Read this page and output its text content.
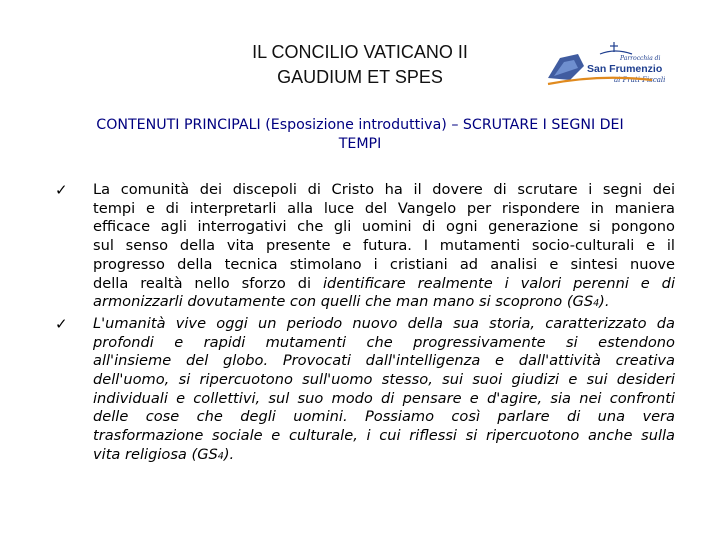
IL CONCILIO VATICANO II
GAUDIUM ET SPES
Parrocchia di
San Frumenzio
ai Prati Fiscali
CONTENUTI PRINCIPALI (Esposizione introduttiva) – SCRUTARE I SEGNI DEI
TEMPI
✓ La comunità dei discepoli di Cristo ha il dovere di scrutare i segni dei
tempi e di interpretarli alla luce del Vangelo per rispondere in maniera
efficace agli interrogativi che gli uomini di ogni generazione si pongono
sul senso della vita presente e futura. I mutamenti socio-culturali e il
progresso della tecnica stimolano i cristiani ad analisi e sintesi nuove
della realtà nello sforzo di identificare realmente i valori perenni e di
armonizzarli dovutamente con quelli che man mano si scoprono (GS4).
✓ L'umanità vive oggi un periodo nuovo della sua storia, caratterizzato da
profondi e rapidi mutamenti che progressivamente si estendono
all'insieme del globo. Provocati dall'intelligenza e dall'attività creativa
dell'uomo, si ripercuotono sull'uomo stesso, sui suoi giudizi e sui desideri
individuali e collettivi, sul suo modo di pensare e d'agire, sia nei confronti
delle cose che degli uomini. Possiamo così parlare di una vera
trasformazione sociale e culturale, i cui riflessi si ripercuotono anche sulla
vita religiosa (GS4).
